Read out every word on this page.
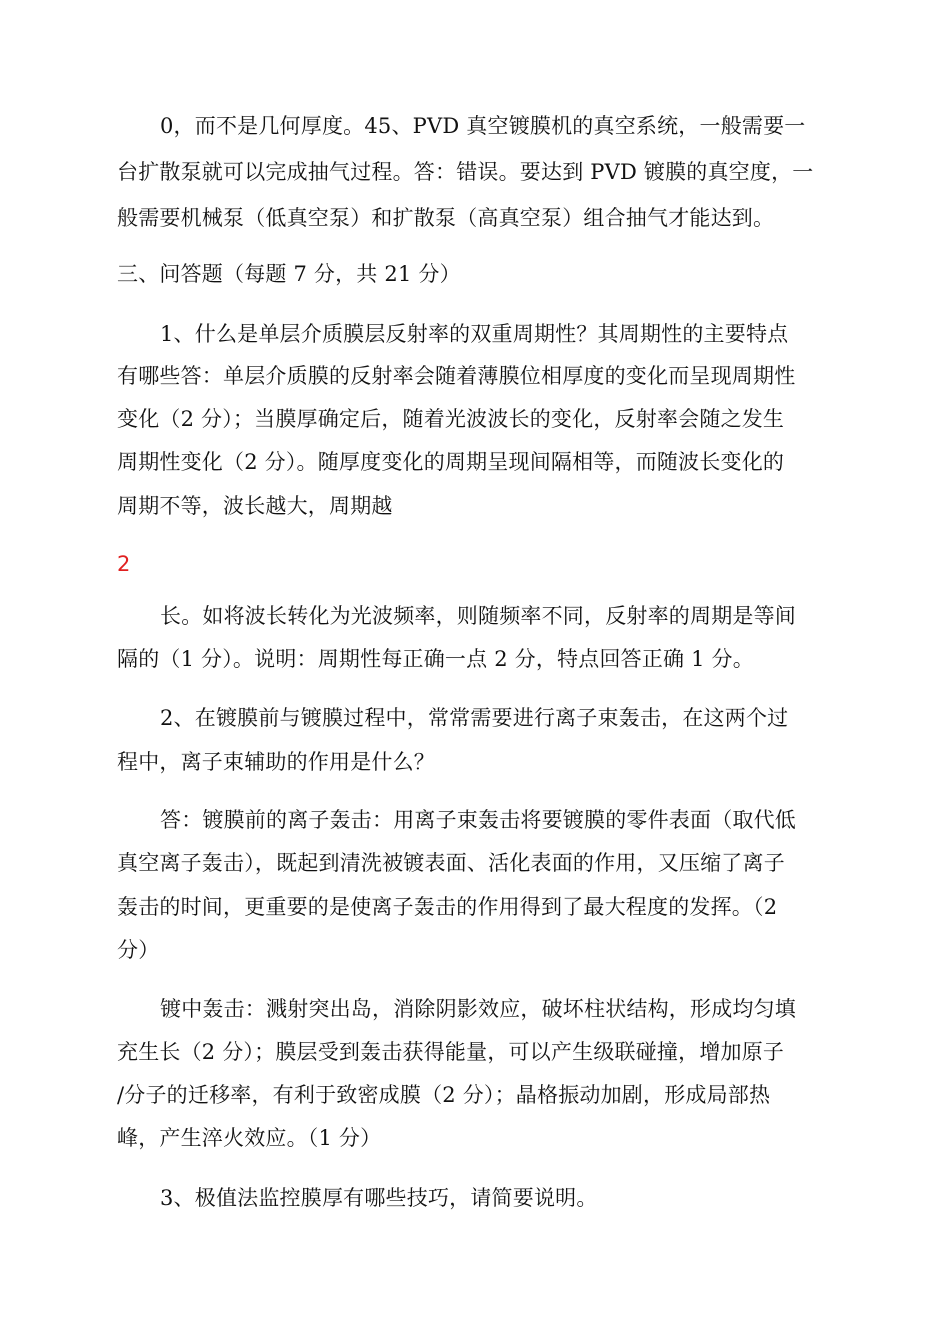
0，而不是几何厚度。45、PVD 真空镀膜机的真空系统，一般需要一
台扩散泵就可以完成抽气过程。答：错误。要达到 PVD 镀膜的真空度，一
般需要机械泵（低真空泵）和扩散泵（高真空泵）组合抽气才能达到。
三、问答题（每题 7 分，共 21 分）
1、什么是单层介质膜层反射率的双重周期性？其周期性的主要特点
有哪些答：单层介质膜的反射率会随着薄膜位相厚度的变化而呈现周期性
变化（2 分）；当膜厚确定后，随着光波波长的变化，反射率会随之发生
周期性变化（2 分）。随厚度变化的周期呈现间隔相等，而随波长变化的
周期不等，波长越大，周期越
2
长。如将波长转化为光波频率，则随频率不同，反射率的周期是等间
隔的（1 分）。说明：周期性每正确一点 2 分，特点回答正确 1 分。
2、在镀膜前与镀膜过程中，常常需要进行离子束轰击，在这两个过
程中，离子束辅助的作用是什么？
答：镀膜前的离子轰击：用离子束轰击将要镀膜的零件表面（取代低
真空离子轰击），既起到清洗被镀表面、活化表面的作用，又压缩了离子
轰击的时间，更重要的是使离子轰击的作用得到了最大程度的发挥。（2
分）
镀中轰击：溅射突出岛，消除阴影效应，破坏柱状结构，形成均匀填
充生长（2 分）；膜层受到轰击获得能量，可以产生级联碰撞，增加原子
/分子的迁移率，有利于致密成膜（2 分）；晶格振动加剧，形成局部热
峰，产生淬火效应。（1 分）
3、极值法监控膜厚有哪些技巧，请简要说明。
